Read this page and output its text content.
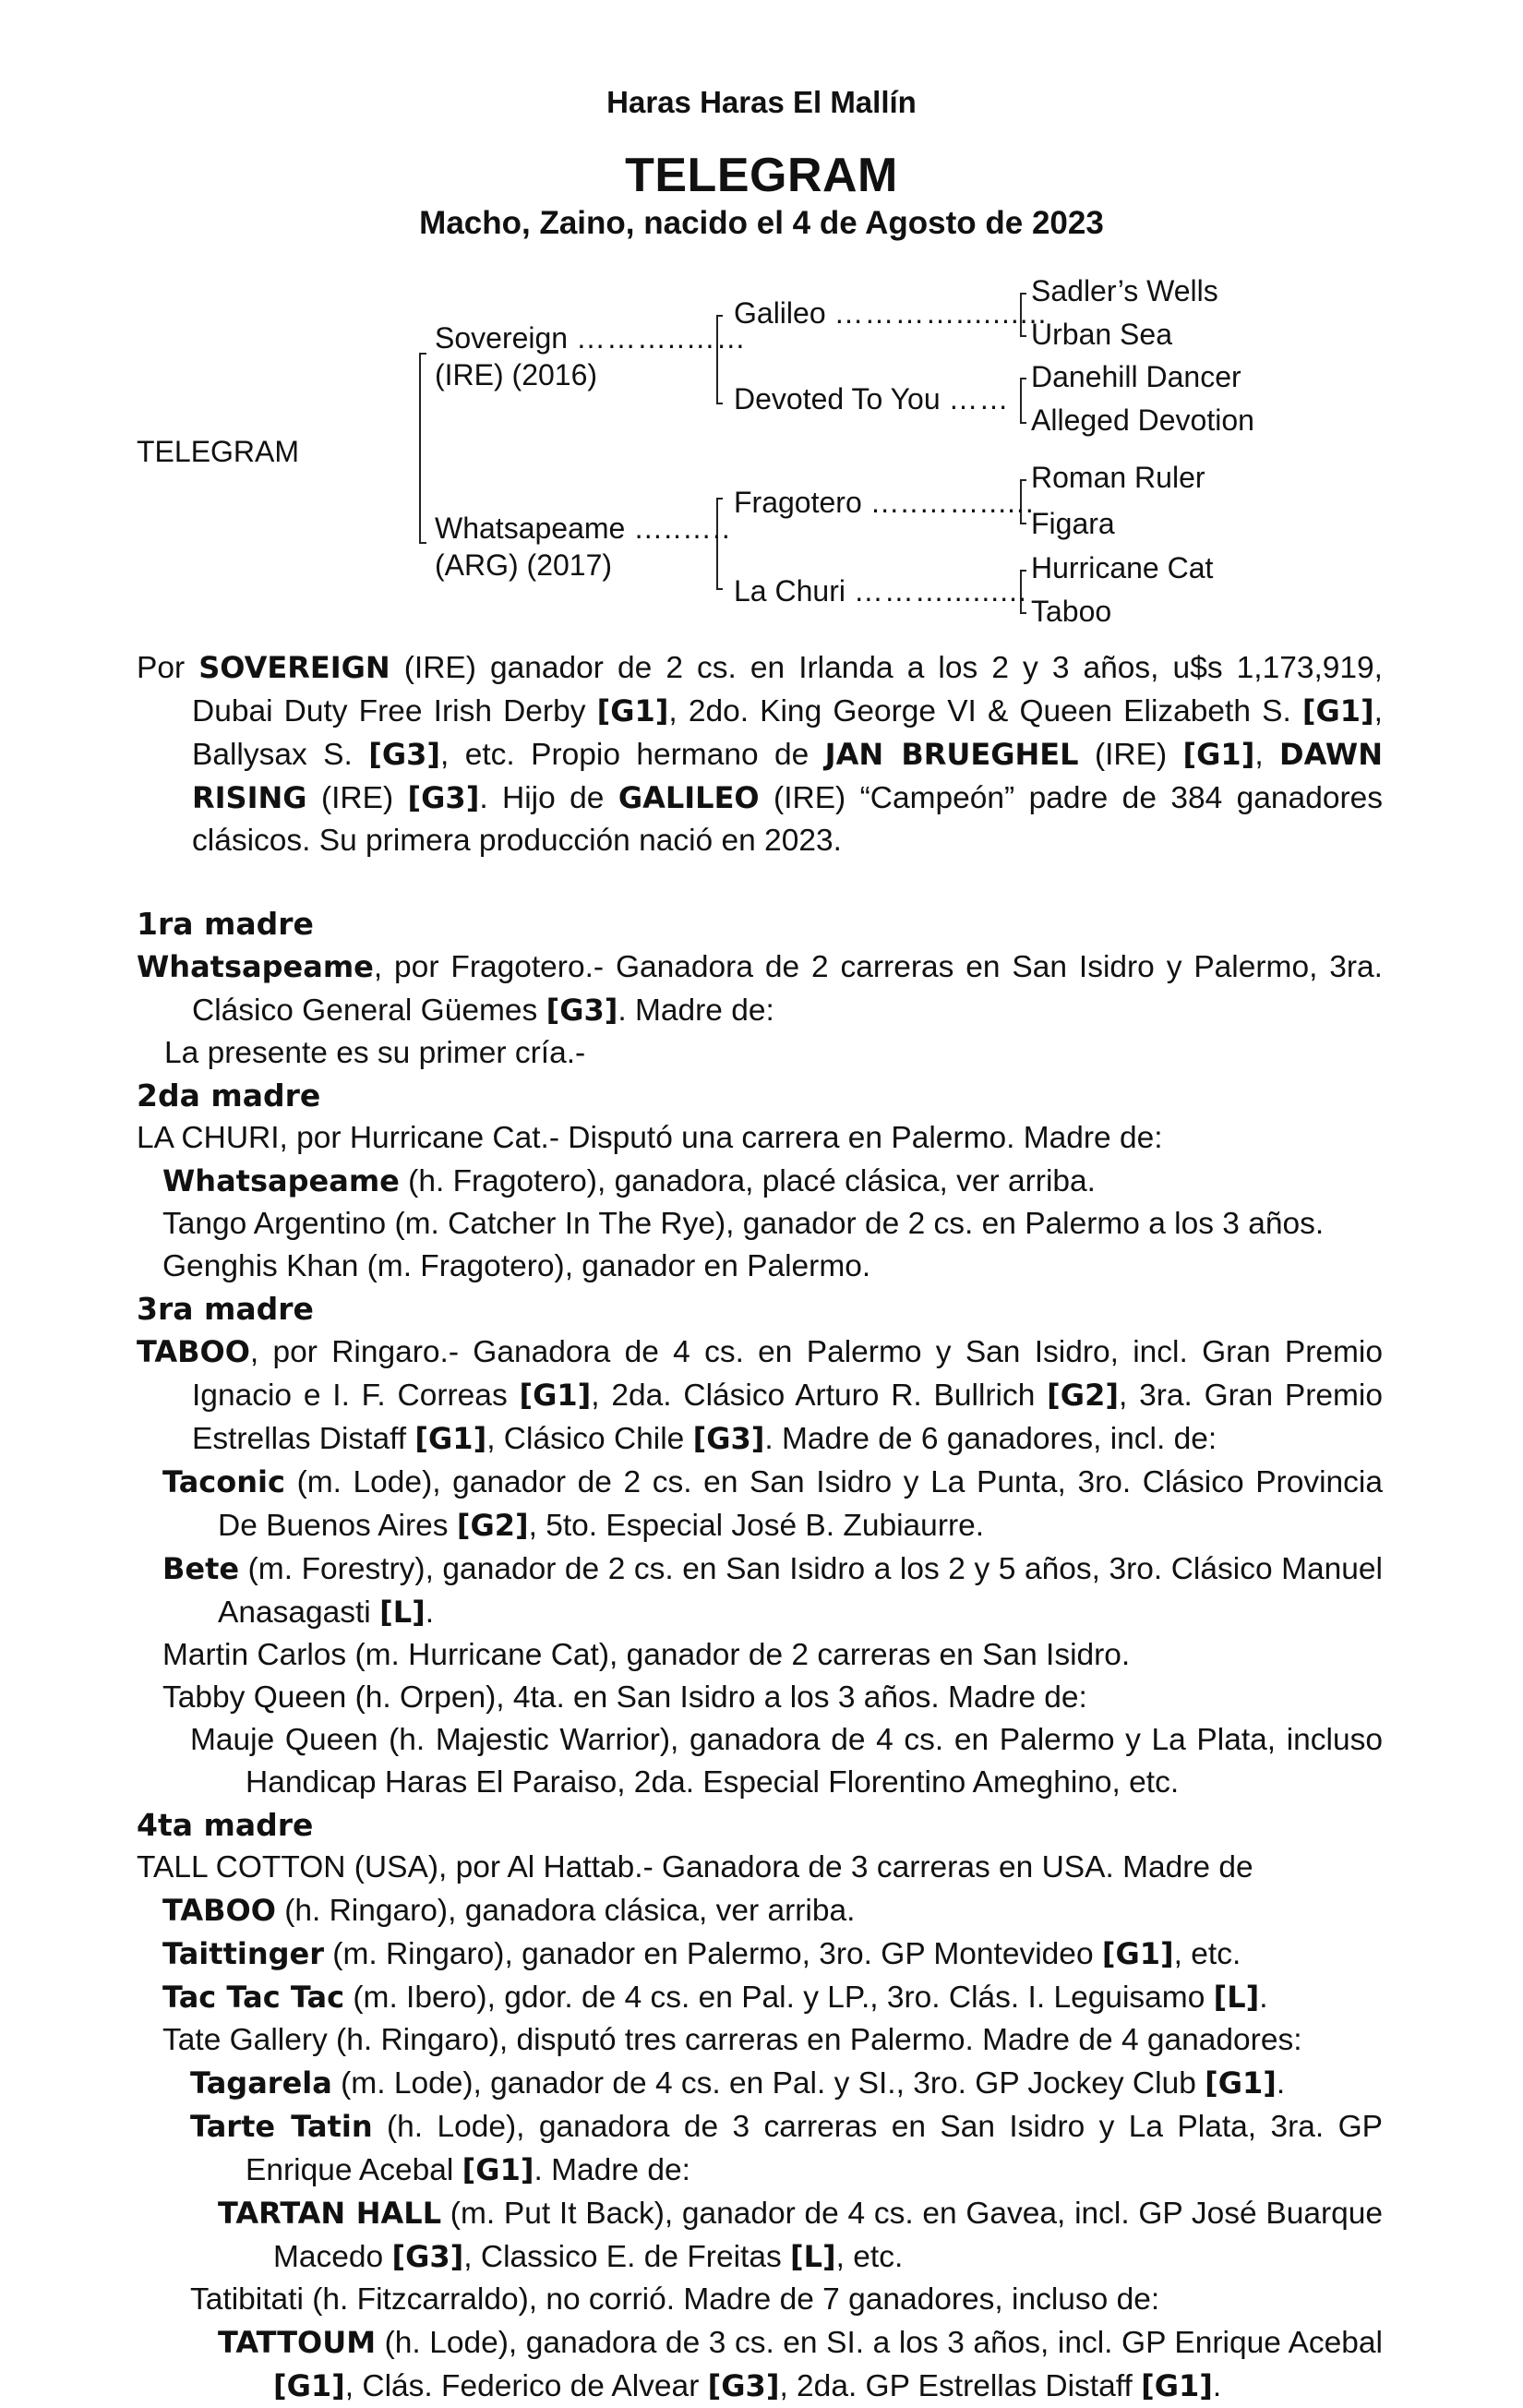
Haras Haras El Mallín
TELEGRAM
Macho, Zaino, nacido el 4 de Agosto de 2023
TELEGRAM
Sovereign ………..……
(IRE) (2016)
Whatsapeame …..…..
(ARG) (2017)
Galileo …………..........
Devoted To You ……
Fragotero …..……......
La Churi ……….........
Sadler’s Wells
Urban Sea
Danehill Dancer
Alleged Devotion
Roman Ruler
Figara
Hurricane Cat
Taboo

Por SOVEREIGN (IRE) ganador de 2 cs. en Irlanda a los 2 y 3 años, u$s 1,173,919, Dubai Duty Free Irish Derby [G1], 2do. King George VI & Queen Elizabeth S. [G1], Ballysax S. [G3], etc. Propio hermano de JAN BRUEGHEL (IRE) [G1], DAWN RISING (IRE) [G3]. Hijo de GALILEO (IRE) “Campeón” padre de 384 ganadores clásicos. Su primera producción nació en 2023.

1ra madre

Whatsapeame, por Fragotero.- Ganadora de 2 carreras en San Isidro y Palermo, 3ra. Clásico General Güemes [G3]. Madre de:

La presente es su primer cría.-

2da madre

LA CHURI, por Hurricane Cat.- Disputó una carrera en Palermo. Madre de:

Whatsapeame (h. Fragotero), ganadora, placé clásica, ver arriba.

Tango Argentino (m. Catcher In The Rye), ganador de 2 cs. en Palermo a los 3 años.

Genghis Khan (m. Fragotero), ganador en Palermo.

3ra madre

TABOO, por Ringaro.- Ganadora de 4 cs. en Palermo y San Isidro, incl. Gran Premio Ignacio e I. F. Correas [G1], 2da. Clásico Arturo R. Bullrich [G2], 3ra. Gran Premio Estrellas Distaff [G1], Clásico Chile [G3]. Madre de 6 ganadores, incl. de:

Taconic (m. Lode), ganador de 2 cs. en San Isidro y La Punta, 3ro. Clásico Provincia De Buenos Aires [G2], 5to. Especial José B. Zubiaurre.

Bete (m. Forestry), ganador de 2 cs. en San Isidro a los 2 y 5 años, 3ro. Clásico Manuel Anasagasti [L].

Martin Carlos (m. Hurricane Cat), ganador de 2 carreras en San Isidro.

Tabby Queen (h. Orpen), 4ta. en San Isidro a los 3 años. Madre de:

Mauje Queen (h. Majestic Warrior), ganadora de 4 cs. en Palermo y La Plata, incluso Handicap Haras El Paraiso, 2da. Especial Florentino Ameghino, etc.

4ta madre

TALL COTTON (USA), por Al Hattab.- Ganadora de 3 carreras en USA. Madre de

TABOO (h. Ringaro), ganadora clásica, ver arriba.

Taittinger (m. Ringaro), ganador en Palermo, 3ro. GP Montevideo [G1], etc.

Tac Tac Tac (m. Ibero), gdor. de 4 cs. en Pal. y LP., 3ro. Clás. I. Leguisamo [L].

Tate Gallery (h. Ringaro), disputó tres carreras en Palermo. Madre de 4 ganadores:

Tagarela (m. Lode), ganador de 4 cs. en Pal. y SI., 3ro. GP Jockey Club [G1].

Tarte Tatin (h. Lode), ganadora de 3 carreras en San Isidro y La Plata, 3ra. GP Enrique Acebal [G1]. Madre de:

TARTAN HALL (m. Put It Back), ganador de 4 cs. en Gavea, incl. GP José Buarque Macedo [G3], Classico E. de Freitas [L], etc.

Tatibitati (h. Fitzcarraldo), no corrió. Madre de 7 ganadores, incluso de:

TATTOUM (h. Lode), ganadora de 3 cs. en SI. a los 3 años, incl. GP Enrique Acebal [G1], Clás. Federico de Alvear [G3], 2da. GP Estrellas Distaff [G1].
